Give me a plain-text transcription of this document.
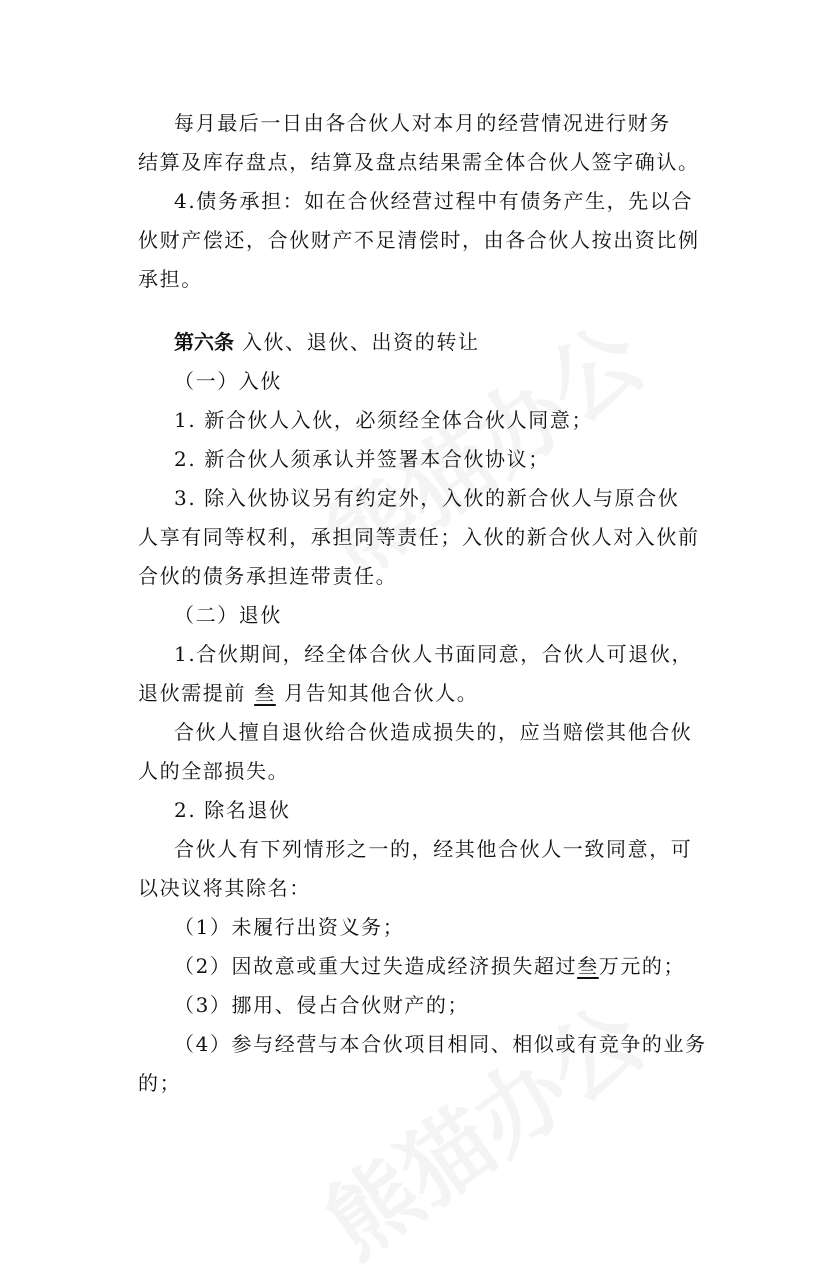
每月最后一日由各合伙人对本月的经营情况进行财务
结算及库存盘点，结算及盘点结果需全体合伙人签字确认。
4.债务承担：如在合伙经营过程中有债务产生，先以合
伙财产偿还，合伙财产不足清偿时，由各合伙人按出资比例
承担。
第六条 入伙、退伙、出资的转让
（一）入伙
1. 新合伙人入伙，必须经全体合伙人同意；
2. 新合伙人须承认并签署本合伙协议；
3. 除入伙协议另有约定外，入伙的新合伙人与原合伙
人享有同等权利，承担同等责任；入伙的新合伙人对入伙前
合伙的债务承担连带责任。
（二）退伙
1.合伙期间，经全体合伙人书面同意，合伙人可退伙，
退伙需提前 叁 月告知其他合伙人。
合伙人擅自退伙给合伙造成损失的，应当赔偿其他合伙
人的全部损失。
2. 除名退伙
合伙人有下列情形之一的，经其他合伙人一致同意，可
以决议将其除名：
（1）未履行出资义务；
（2）因故意或重大过失造成经济损失超过叁万元的；
（3）挪用、侵占合伙财产的；
（4）参与经营与本合伙项目相同、相似或有竞争的业务
的；
